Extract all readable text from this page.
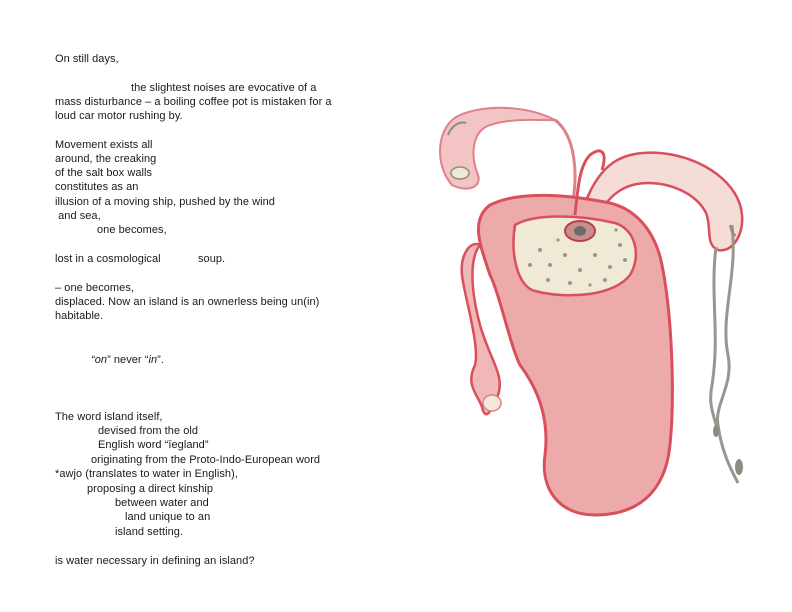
On still days,
the slightest noises are evocative of a
mass disturbance – a boiling coffee pot is mistaken for a
loud car motor rushing by.
Movement exists all
around, the creaking
of the salt box walls
constitutes as an
illusion of a moving ship, pushed by the wind
and sea,
one becomes,
lost in a cosmological	soup.
– one becomes,
displaced. Now an island is an ownerless being un(in)
habitable.
“on” never “in”.
The word island itself,
devised from the old
English word “īegland”
originating from the Proto-Indo-European word
*awjo (translates to water in English),
proposing a direct kinship
between water and
land unique to an
island setting.
is water necessary in defining an island?
